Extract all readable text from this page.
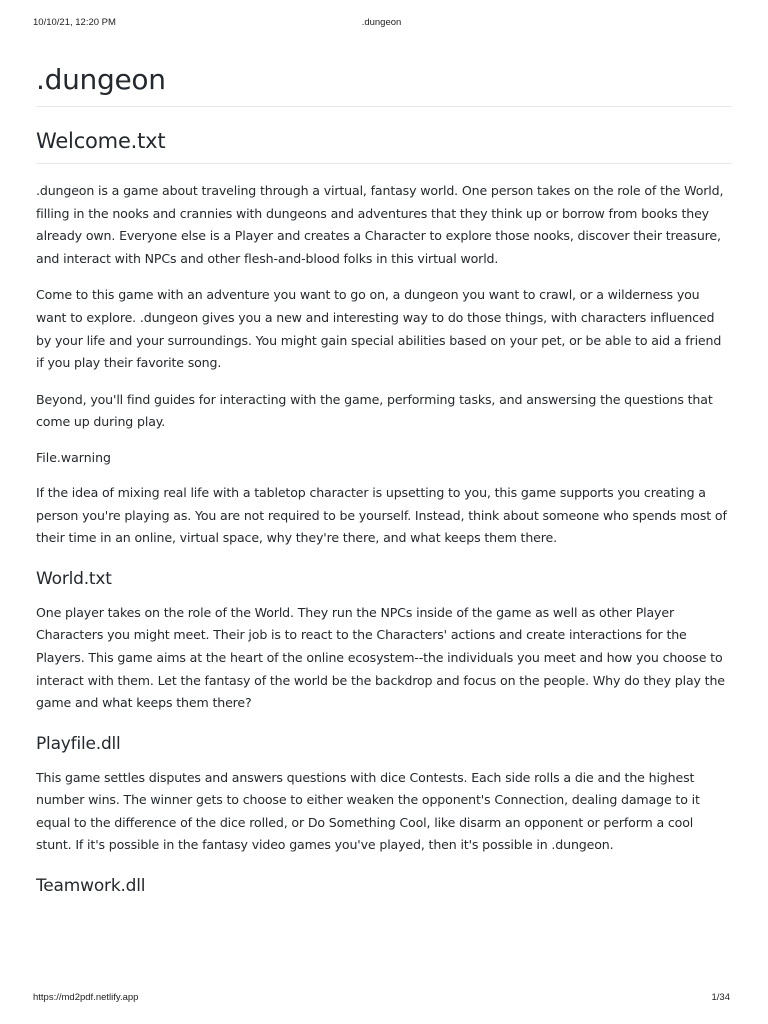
10/10/21, 12:20 PM	.dungeon
.dungeon
Welcome.txt

.dungeon is a game about traveling through a virtual, fantasy world. One person takes on the role of the World, filling in the nooks and crannies with dungeons and adventures that they think up or borrow from books they already own. Everyone else is a Player and creates a Character to explore those nooks, discover their treasure, and interact with NPCs and other flesh-and-blood folks in this virtual world.

Come to this game with an adventure you want to go on, a dungeon you want to crawl, or a wilderness you want to explore. .dungeon gives you a new and interesting way to do those things, with characters influenced by your life and your surroundings. You might gain special abilities based on your pet, or be able to aid a friend if you play their favorite song.

Beyond, you'll find guides for interacting with the game, performing tasks, and answersing the questions that come up during play.

File.warning

If the idea of mixing real life with a tabletop character is upsetting to you, this game supports you creating a person you're playing as. You are not required to be yourself. Instead, think about someone who spends most of their time in an online, virtual space, why they're there, and what keeps them there.

World.txt

One player takes on the role of the World. They run the NPCs inside of the game as well as other Player Characters you might meet. Their job is to react to the Characters' actions and create interactions for the Players. This game aims at the heart of the online ecosystem--the individuals you meet and how you choose to interact with them. Let the fantasy of the world be the backdrop and focus on the people. Why do they play the game and what keeps them there?

Playfile.dll

This game settles disputes and answers questions with dice Contests. Each side rolls a die and the highest number wins. The winner gets to choose to either weaken the opponent's Connection, dealing damage to it equal to the difference of the dice rolled, or Do Something Cool, like disarm an opponent or perform a cool stunt. If it's possible in the fantasy video games you've played, then it's possible in .dungeon.

Teamwork.dll
https://md2pdf.netlify.app	1/34
